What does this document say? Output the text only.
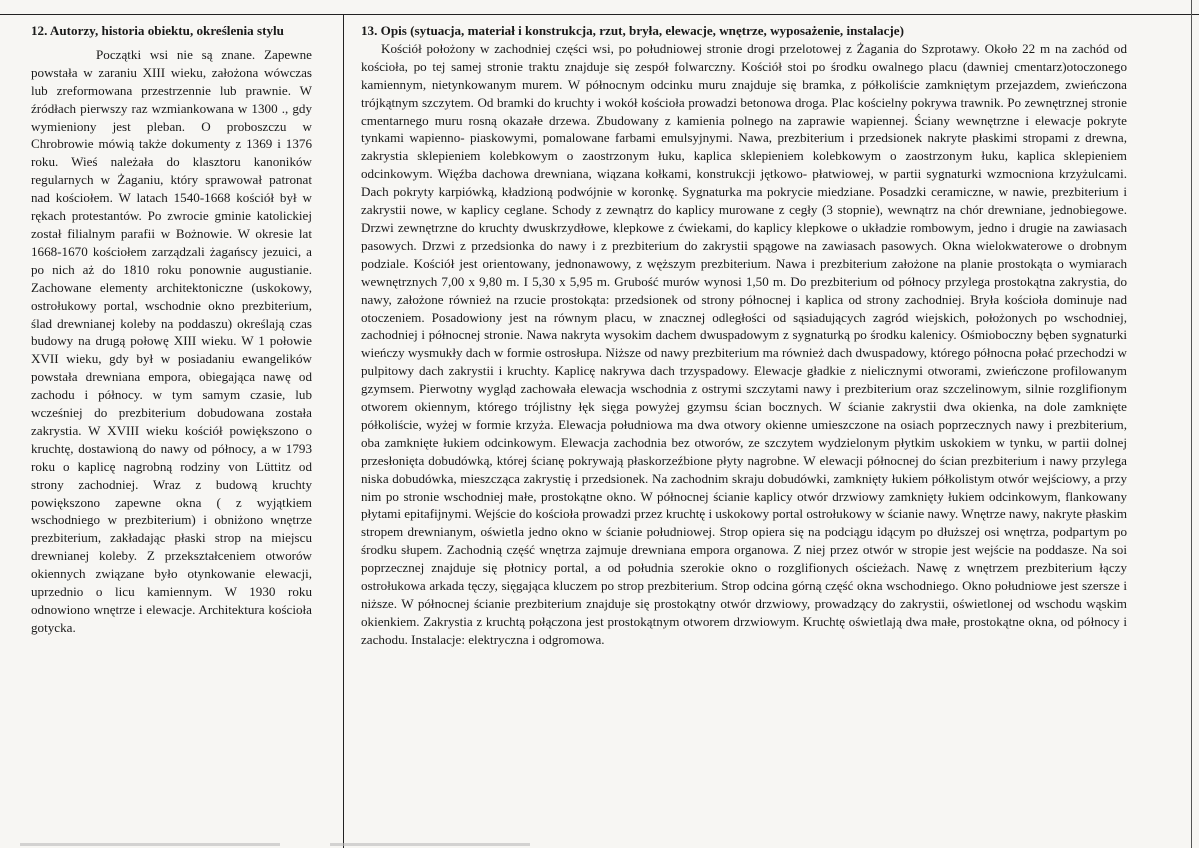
12. Autorzy, historia obiektu, określenia stylu

Początki wsi nie są znane. Zapewne powstała w zaraniu XIII wieku, założona wówczas lub zreformowana przestrzennie lub prawnie. W źródłach pierwszy raz wzmiankowana w 1300 ., gdy wymieniony jest pleban. O proboszczu w Chrobrowie mówią także dokumenty z 1369 i 1376 roku. Wieś należała do klasztoru kanoników regularnych w Żaganiu, który sprawował patronat nad kościołem. W latach 1540-1668 kościół był w rękach protestantów. Po zwrocie gminie katolickiej został filialnym parafii w Bożnowie. W okresie lat 1668-1670 kościołem zarządzali żagańscy jezuici, a po nich aż do 1810 roku ponownie augustianie. Zachowane elementy architektoniczne (uskokowy, ostrołukowy portal, wschodnie okno prezbiterium, ślad drewnianej koleby na poddaszu) określają czas budowy na drugą połowę XIII wieku. W 1 połowie XVII wieku, gdy był w posiadaniu ewangelików powstała drewniana empora, obiegająca nawę od zachodu i północy. w tym samym czasie, lub wcześniej do prezbiterium dobudowana została zakrystia. W XVIII wieku kościół powiększono o kruchtę, dostawioną do nawy od północy, a w 1793 roku o kaplicę nagrobną rodziny von Lüttitz od strony zachodniej. Wraz z budową kruchty powiększono zapewne okna ( z wyjątkiem wschodniego w prezbiterium) i obniżono wnętrze prezbiterium, zakładając płaski strop na miejscu drewnianej koleby. Z przekształceniem otworów okiennych związane było otynkowanie elewacji, uprzednio o licu kamiennym. W 1930 roku odnowiono wnętrze i elewacje. Architektura kościoła gotycka.

13. Opis (sytuacja, materiał i konstrukcja, rzut, bryła, elewacje, wnętrze, wyposażenie, instalacje)

Kościół położony w zachodniej części wsi, po południowej stronie drogi przelotowej z Żagania do Szprotawy. Około 22 m na zachód od kościoła, po tej samej stronie traktu znajduje się zespół folwarczny. Kościół stoi po środku owalnego placu (dawniej cmentarz)otoczonego kamiennym, nietynkowanym murem. W północnym odcinku muru znajduje się bramka, z półkoliście zamkniętym przejazdem, zwieńczona trójkątnym szczytem. Od bramki do kruchty i wokół kościoła prowadzi betonowa droga. Plac kościelny pokrywa trawnik. Po zewnętrznej stronie cmentarnego muru rosną okazałe drzewa. Zbudowany z kamienia polnego na zaprawie wapiennej. Ściany wewnętrzne i elewacje pokryte tynkami wapienno- piaskowymi, pomalowane farbami emulsyjnymi. Nawa, prezbiterium i przedsionek nakryte płaskimi stropami z drewna, zakrystia sklepieniem kolebkowym o zaostrzonym łuku, kaplica sklepieniem kolebkowym o zaostrzonym łuku, kaplica sklepieniem odcinkowym. Więźba dachowa drewniana, wiązana kołkami, konstrukcji jętkowo- płatwiowej, w partii sygnaturki wzmocniona krzyżulcami. Dach pokryty karpiówką, kładzioną podwójnie w koronkę. Sygnaturka ma pokrycie miedziane. Posadzki ceramiczne, w nawie, prezbiterium i zakrystii nowe, w kaplicy ceglane. Schody z zewnątrz do kaplicy murowane z cegły (3 stopnie), wewnątrz na chór drewniane, jednobiegowe. Drzwi zewnętrzne do kruchty dwuskrzydłowe, klepkowe z ćwiekami, do kaplicy klepkowe o układzie rombowym, jedno i drugie na zawiasach pasowych. Drzwi z przedsionka do nawy i z prezbiterium do zakrystii spągowe na zawiasach pasowych. Okna wielokwaterowe o drobnym podziale. Kościół jest orientowany, jednonawowy, z węższym prezbiterium. Nawa i prezbiterium założone na planie prostokąta o wymiarach wewnętrznych 7,00 x 9,80 m. I 5,30 x 5,95 m. Grubość murów wynosi 1,50 m. Do prezbiterium od północy przylega prostokątna zakrystia, do nawy, założone również na rzucie prostokąta: przedsionek od strony północnej i kaplica od strony zachodniej. Bryła kościoła dominuje nad otoczeniem. Posadowiony jest na równym placu, w znacznej odległości od sąsiadujących zagród wiejskich, położonych po wschodniej, zachodniej i północnej stronie. Nawa nakryta wysokim dachem dwuspadowym z sygnaturką po środku kalenicy. Ośmioboczny bęben sygnaturki wieńczy wysmukły dach w formie ostrosłupa. Niższe od nawy prezbiterium ma również dach dwuspadowy, którego północna połać przechodzi w pulpitowy dach zakrystii i kruchty. Kaplicę nakrywa dach trzyspadowy. Elewacje gładkie z nielicznymi otworami, zwieńczone profilowanym gzymsem. Pierwotny wygląd zachowała elewacja wschodnia z ostrymi szczytami nawy i prezbiterium oraz szczelinowym, silnie rozglifionym otworem okiennym, którego trójlistny łęk sięga powyżej gzymsu ścian bocznych. W ścianie zakrystii dwa okienka, na dole zamknięte półkoliście, wyżej w formie krzyża. Elewacja południowa ma dwa otwory okienne umieszczone na osiach poprzecznych nawy i prezbiterium, oba zamknięte łukiem odcinkowym. Elewacja zachodnia bez otworów, ze szczytem wydzielonym płytkim uskokiem w tynku, w partii dolnej przesłonięta dobudówką, której ścianę pokrywają płaskorzeźbione płyty nagrobne. W elewacji północnej do ścian prezbiterium i nawy przylega niska dobudówka, mieszcząca zakrystię i przedsionek. Na zachodnim skraju dobudówki, zamknięty łukiem półkolistym otwór wejściowy, a przy nim po stronie wschodniej małe, prostokątne okno. W północnej ścianie kaplicy otwór drzwiowy zamknięty łukiem odcinkowym, flankowany płytami epitafijnymi. Wejście do kościoła prowadzi przez kruchtę i uskokowy portal ostrołukowy w ścianie nawy. Wnętrze nawy, nakryte płaskim stropem drewnianym, oświetla jedno okno w ścianie południowej. Strop opiera się na podciągu idącym po dłuższej osi wnętrza, podpartym po środku słupem. Zachodnią część wnętrza zajmuje drewniana empora organowa. Z niej przez otwór w stropie jest wejście na poddasze. Na soi poprzecznej znajduje się płotnicy portal, a od południa szerokie okno o rozglifionych ościeżach. Nawę z wnętrzem prezbiterium łączy ostrołukowa arkada tęczy, sięgająca kluczem po strop prezbiterium. Strop odcina górną część okna wschodniego. Okno południowe jest szersze i niższe. W północnej ścianie prezbiterium znajduje się prostokątny otwór drzwiowy, prowadzący do zakrystii, oświetlonej od wschodu wąskim okienkiem. Zakrystia z kruchtą połączona jest prostokątnym otworem drzwiowym. Kruchtę oświetlają dwa małe, prostokątne okna, od północy i zachodu. Instalacje: elektryczna i odgromowa.
